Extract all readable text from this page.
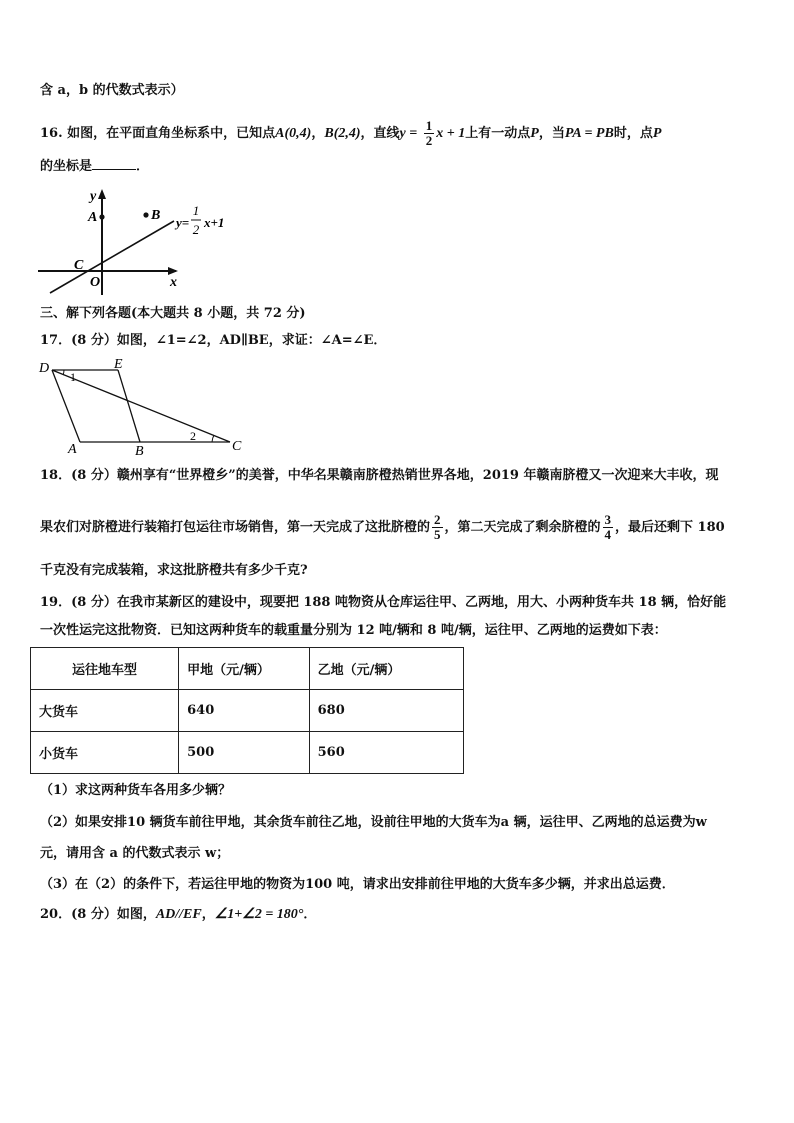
含 a，b 的代数式表示）
16. 如图，在平面直角坐标系中，已知点A(0,4)，B(2,4)，直线$y = \frac{1}{2}$ x + 1上有一动点P，当PA = PB时，点P
的坐标是	．
y
A	B y=
1
2 x+1
C
O	x
三、解下列各题(本大题共 8 小题，共 72 分)
17．(8 分）如图，∠1=∠2，AD∥BE，求证：∠A=∠E．
D	E
A	B	C
1
2
18．(8 分）赣州享有“世界橙乡”的美誉，中华名果赣南脐橙热销世界各地，2019 年赣南脐橙又一次迎来大丰收，现
果农们对脐橙进行装箱打包运往市场销售，第一天完成了这批脐橙的 $\frac{2}{5}$ ，第二天完成了剩余脐橙的 $\frac{3}{4}$ ，最后还剩下 180
千克没有完成装箱，求这批脐橙共有多少千克?
19．(8 分）在我市某新区的建设中，现要把 188 吨物资从仓库运往甲、乙两地，用大、小两种货车共 18 辆，恰好能
一次性运完这批物资．已知这两种货车的载重量分别为 12 吨/辆和 8 吨/辆，运往甲、乙两地的运费如下表：
运往地车型	甲地（元/辆）	乙地（元/辆）
大货车	640	680
小货车	500	560
（1）求这两种货车各用多少辆？
（2）如果安排10 辆货车前往甲地，其余货车前往乙地，设前往甲地的大货车为a 辆，运往甲、乙两地的总运费为w
元，请用含 a 的代数式表示 w；
（3）在（2）的条件下，若运往甲地的物资为100 吨，请求出安排前往甲地的大货车多少辆，并求出总运费．
20．(8 分）如图，AD//EF，∠1+∠2 = 180°．
